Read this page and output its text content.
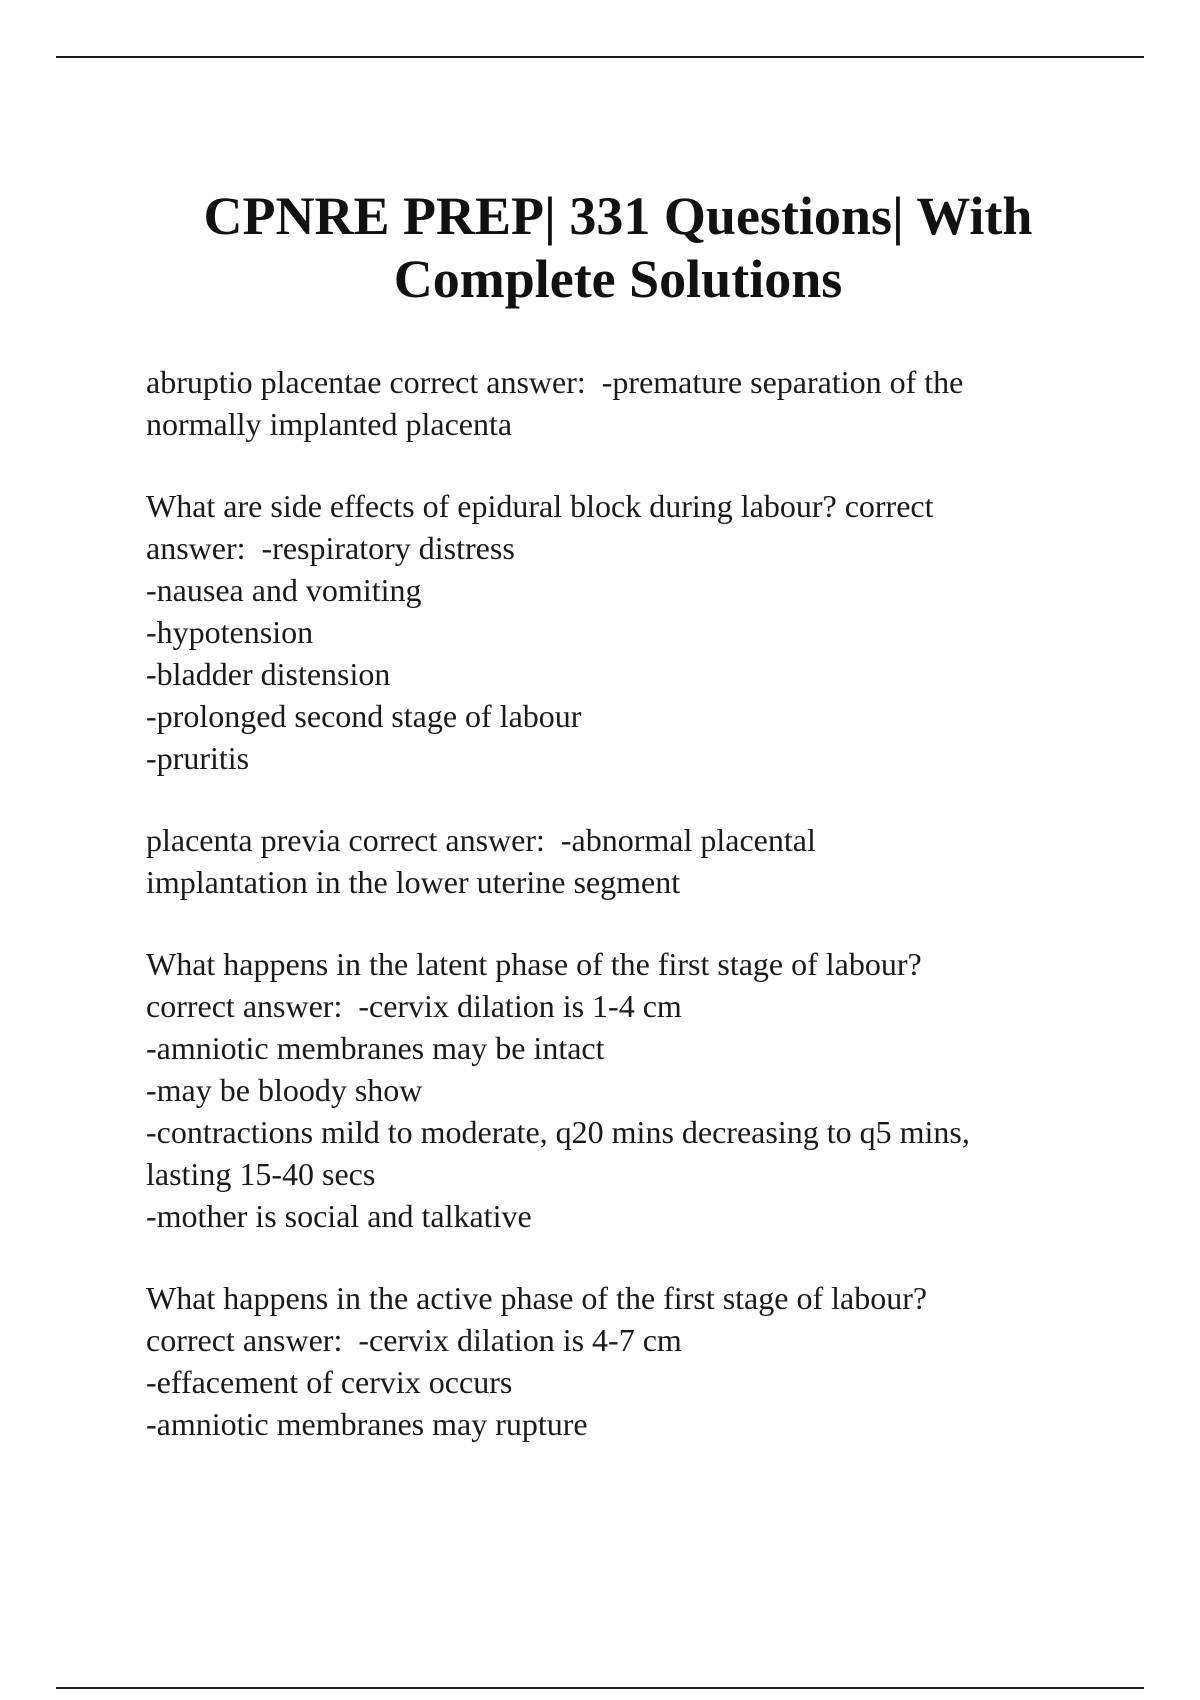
CPNRE PREP| 331 Questions| With
Complete Solutions
abruptio placentae correct answer:  -premature separation of the
normally implanted placenta
What are side effects of epidural block during labour? correct
answer:  -respiratory distress
-nausea and vomiting
-hypotension
-bladder distension
-prolonged second stage of labour
-pruritis
placenta previa correct answer:  -abnormal placental
implantation in the lower uterine segment
What happens in the latent phase of the first stage of labour?
correct answer:  -cervix dilation is 1-4 cm
-amniotic membranes may be intact
-may be bloody show
-contractions mild to moderate, q20 mins decreasing to q5 mins,
lasting 15-40 secs
-mother is social and talkative
What happens in the active phase of the first stage of labour?
correct answer:  -cervix dilation is 4-7 cm
-effacement of cervix occurs
-amniotic membranes may rupture
